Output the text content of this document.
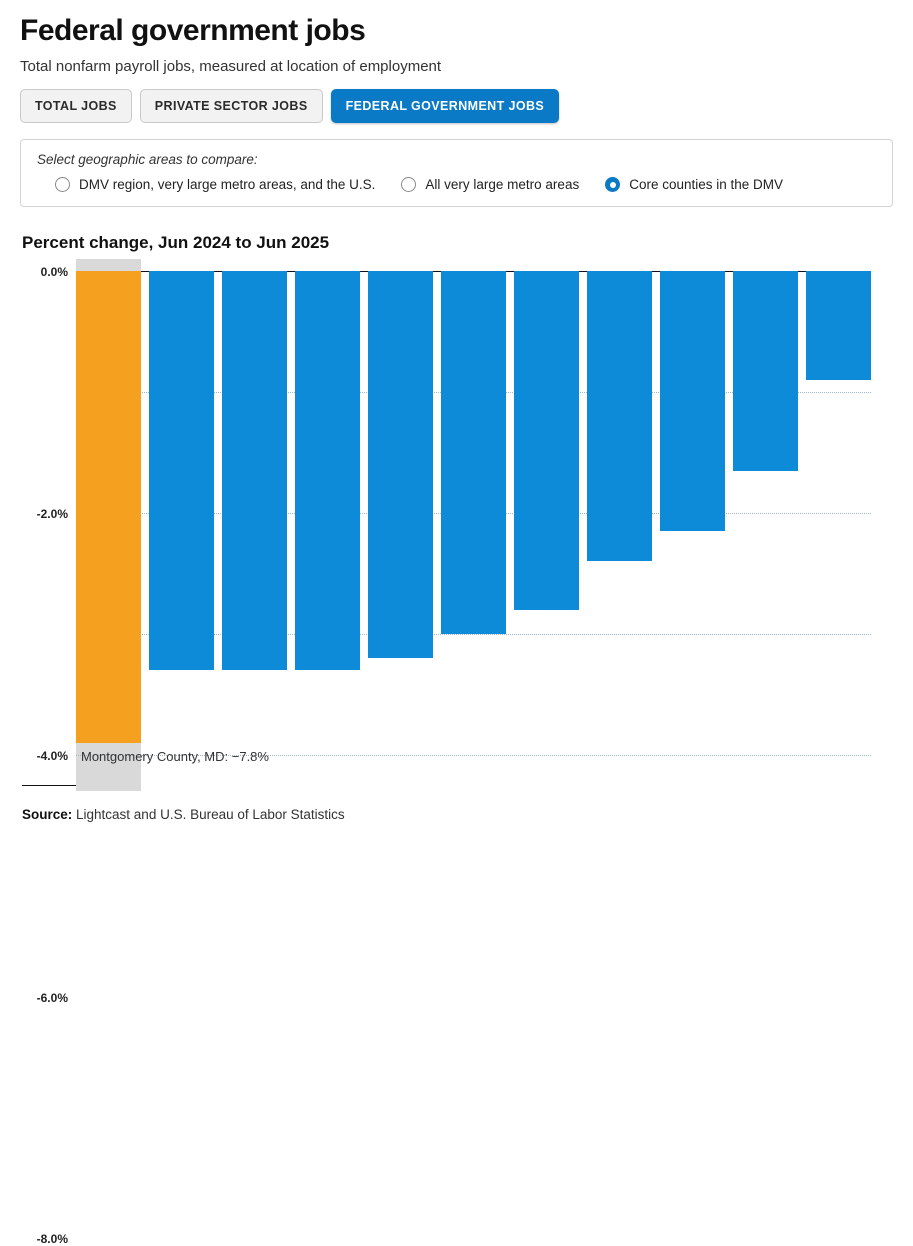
Federal government jobs
Total nonfarm payroll jobs, measured at location of employment
TOTAL JOBS	PRIVATE SECTOR JOBS	FEDERAL GOVERNMENT JOBS
Select geographic areas to compare:
DMV region, very large metro areas, and the U.S.	All very large metro areas	Core counties in the DMV
Percent change, Jun 2024 to Jun 2025
0.0%
-2.0%
-4.0%
-6.0%
-8.0%
Montgomery County, MD: −7.8%
Source: Lightcast and U.S. Bureau of Labor Statistics
